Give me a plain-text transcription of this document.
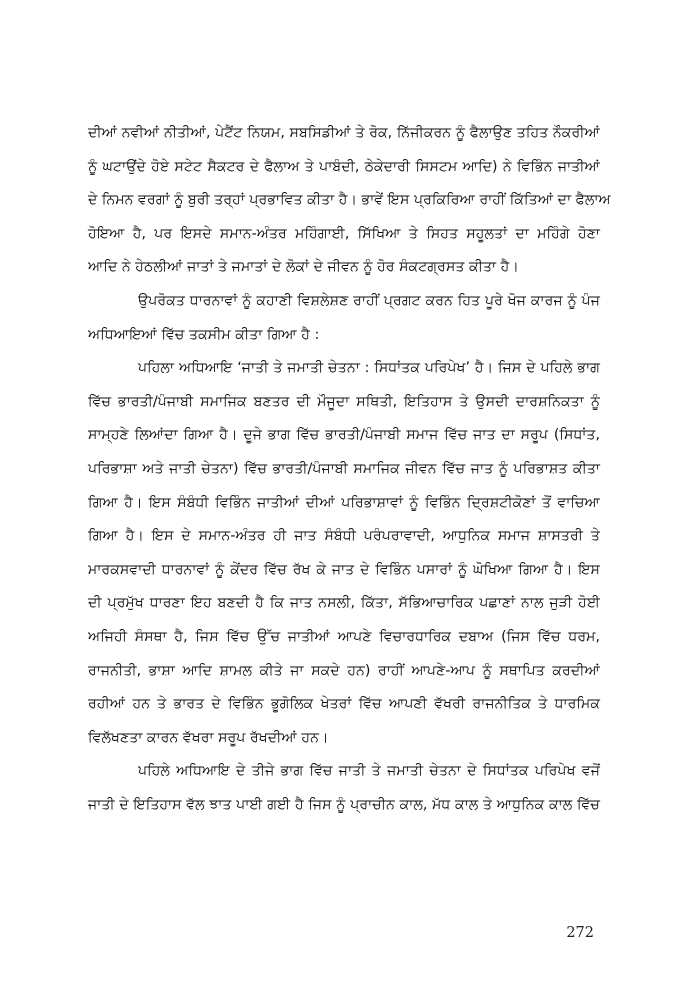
ਦੀਆਂ ਨਵੀਆਂ ਨੀਤੀਆਂ, ਪੇਟੈਂਟ ਨਿਯਮ, ਸਬਸਿਡੀਆਂ ਤੇ ਰੋਕ, ਨਿੱਜੀਕਰਨ ਨੂੰ ਫੈਲਾਉਣ ਤਹਿਤ ਨੌਕਰੀਆਂ
ਨੂੰ ਘਟਾਉਂਦੇ ਹੋਏ ਸਟੇਟ ਸੈਕਟਰ ਦੇ ਫੈਲਾਅ ਤੇ ਪਾਬੰਦੀ, ਠੇਕੇਦਾਰੀ ਸਿਸਟਮ ਆਦਿ) ਨੇ ਵਿਭਿੰਨ ਜਾਤੀਆਂ
ਦੇ ਨਿਮਨ ਵਰਗਾਂ ਨੂੰ ਬੁਰੀ ਤਰ੍ਹਾਂ ਪ੍ਰਭਾਵਿਤ ਕੀਤਾ ਹੈ। ਭਾਵੇਂ ਇਸ ਪ੍ਰਕਿਰਿਆ ਰਾਹੀਂ ਕਿੱਤਿਆਂ ਦਾ ਫੈਲਾਅ
ਹੋਇਆ ਹੈ, ਪਰ ਇਸਦੇ ਸਮਾਨ-ਅੰਤਰ ਮਹਿੰਗਾਈ, ਸਿੱਖਿਆ ਤੇ ਸਿਹਤ ਸਹੂਲਤਾਂ ਦਾ ਮਹਿੰਗੇ ਹੋਣਾ
ਆਦਿ ਨੇ ਹੇਠਲੀਆਂ ਜਾਤਾਂ ਤੇ ਜਮਾਤਾਂ ਦੇ ਲੋਕਾਂ ਦੇ ਜੀਵਨ ਨੂੰ ਹੋਰ ਸੰਕਟਗ੍ਰਸਤ ਕੀਤਾ ਹੈ।
ਉਪਰੋਕਤ ਧਾਰਨਾਵਾਂ ਨੂੰ ਕਹਾਣੀ ਵਿਸ਼ਲੇਸ਼ਣ ਰਾਹੀਂ ਪ੍ਰਗਟ ਕਰਨ ਹਿਤ ਪੂਰੇ ਖੋਜ ਕਾਰਜ ਨੂੰ ਪੰਜ
ਅਧਿਆਇਆਂ ਵਿੱਚ ਤਕਸੀਮ ਕੀਤਾ ਗਿਆ ਹੈ :
ਪਹਿਲਾ ਅਧਿਆਇ ‘ਜਾਤੀ ਤੇ ਜਮਾਤੀ ਚੇਤਨਾ : ਸਿਧਾਂਤਕ ਪਰਿਪੇਖ’ ਹੈ। ਜਿਸ ਦੇ ਪਹਿਲੇ ਭਾਗ
ਵਿੱਚ ਭਾਰਤੀ/ਪੰਜਾਬੀ ਸਮਾਜਿਕ ਬਣਤਰ ਦੀ ਮੌਜੂਦਾ ਸਥਿਤੀ, ਇਤਿਹਾਸ ਤੇ ਉਸਦੀ ਦਾਰਸ਼ਨਿਕਤਾ ਨੂੰ
ਸਾਮ੍ਹਣੇ ਲਿਆਂਦਾ ਗਿਆ ਹੈ। ਦੂਜੇ ਭਾਗ ਵਿੱਚ ਭਾਰਤੀ/ਪੰਜਾਬੀ ਸਮਾਜ ਵਿੱਚ ਜਾਤ ਦਾ ਸਰੂਪ (ਸਿਧਾਂਤ,
ਪਰਿਭਾਸ਼ਾ ਅਤੇ ਜਾਤੀ ਚੇਤਨਾ) ਵਿੱਚ ਭਾਰਤੀ/ਪੰਜਾਬੀ ਸਮਾਜਿਕ ਜੀਵਨ ਵਿੱਚ ਜਾਤ ਨੂੰ ਪਰਿਭਾਸ਼ਤ ਕੀਤਾ
ਗਿਆ ਹੈ। ਇਸ ਸੰਬੰਧੀ ਵਿਭਿੰਨ ਜਾਤੀਆਂ ਦੀਆਂ ਪਰਿਭਾਸ਼ਾਵਾਂ ਨੂੰ ਵਿਭਿੰਨ ਦ੍ਰਿਸ਼ਟੀਕੋਣਾਂ ਤੋਂ ਵਾਚਿਆ
ਗਿਆ ਹੈ। ਇਸ ਦੇ ਸਮਾਨ-ਅੰਤਰ ਹੀ ਜਾਤ ਸੰਬੰਧੀ ਪਰੰਪਰਾਵਾਦੀ, ਆਧੁਨਿਕ ਸਮਾਜ ਸ਼ਾਸਤਰੀ ਤੇ
ਮਾਰਕਸਵਾਦੀ ਧਾਰਨਾਵਾਂ ਨੂੰ ਕੇਂਦਰ ਵਿੱਚ ਰੱਖ ਕੇ ਜਾਤ ਦੇ ਵਿਭਿੰਨ ਪਸਾਰਾਂ ਨੂੰ ਘੋਖਿਆ ਗਿਆ ਹੈ। ਇਸ
ਦੀ ਪ੍ਰਮੁੱਖ ਧਾਰਣਾ ਇਹ ਬਣਦੀ ਹੈ ਕਿ ਜਾਤ ਨਸਲੀ, ਕਿੱਤਾ, ਸੱਭਿਆਚਾਰਿਕ ਪਛਾਣਾਂ ਨਾਲ ਜੁੜੀ ਹੋਈ
ਅਜਿਹੀ ਸੰਸਥਾ ਹੈ, ਜਿਸ ਵਿੱਚ ਉੱਚ ਜਾਤੀਆਂ ਆਪਣੇ ਵਿਚਾਰਧਾਰਿਕ ਦਬਾਅ (ਜਿਸ ਵਿੱਚ ਧਰਮ,
ਰਾਜਨੀਤੀ, ਭਾਸ਼ਾ ਆਦਿ ਸ਼ਾਮਲ ਕੀਤੇ ਜਾ ਸਕਦੇ ਹਨ) ਰਾਹੀਂ ਆਪਣੇ-ਆਪ ਨੂੰ ਸਥਾਪਿਤ ਕਰਦੀਆਂ
ਰਹੀਆਂ ਹਨ ਤੇ ਭਾਰਤ ਦੇ ਵਿਭਿੰਨ ਭੂਗੋਲਿਕ ਖੇਤਰਾਂ ਵਿੱਚ ਆਪਣੀ ਵੱਖਰੀ ਰਾਜਨੀਤਿਕ ਤੇ ਧਾਰਮਿਕ
ਵਿਲੱਖਣਤਾ ਕਾਰਨ ਵੱਖਰਾ ਸਰੂਪ ਰੱਖਦੀਆਂ ਹਨ।
ਪਹਿਲੇ ਅਧਿਆਇ ਦੇ ਤੀਜੇ ਭਾਗ ਵਿੱਚ ਜਾਤੀ ਤੇ ਜਮਾਤੀ ਚੇਤਨਾ ਦੇ ਸਿਧਾਂਤਕ ਪਰਿਪੇਖ ਵਜੋਂ
ਜਾਤੀ ਦੇ ਇਤਿਹਾਸ ਵੱਲ ਝਾਤ ਪਾਈ ਗਈ ਹੈ ਜਿਸ ਨੂੰ ਪ੍ਰਾਚੀਨ ਕਾਲ, ਮੱਧ ਕਾਲ ਤੇ ਆਧੁਨਿਕ ਕਾਲ ਵਿੱਚ
272
